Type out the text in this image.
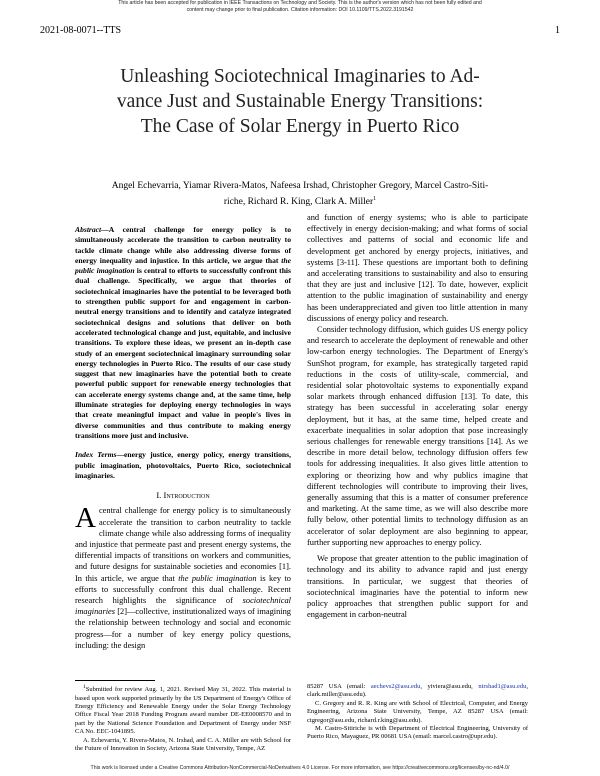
This article has been accepted for publication in IEEE Transactions on Technology and Society. This is the author's version which has not been fully edited and
content may change prior to final publication. Citation information: DOI 10.1109/TTS.2022.3191542
2021-08-0071--TTS	1
Unleashing Sociotechnical Imaginaries to Ad-
vance Just and Sustainable Energy Transitions:
The Case of Solar Energy in Puerto Rico
Angel Echevarria, Yiamar Rivera-Matos, Nafeesa Irshad, Christopher Gregory, Marcel Castro-Siti-
riche, Richard R. King, Clark A. Miller$^1$

Abstract—A central challenge for energy policy is to simultaneously accelerate the transition to carbon neutrality to tackle climate change while also addressing diverse forms of energy inequality and injustice. In this article, we argue that the public imagination is central to efforts to successfully confront this dual challenge. Specifically, we argue that theories of sociotechnical imaginaries have the potential to be leveraged both to strengthen public support for and engagement in carbon-neutral energy transitions and to identify and catalyze integrated sociotechnical designs and solutions that deliver on both accelerated technological change and just, equitable, and inclusive transitions. To explore these ideas, we present an in-depth case study of an emergent sociotechnical imaginary surrounding solar energy technologies in Puerto Rico. The results of our case study suggest that new imaginaries have the potential both to create powerful public support for renewable energy technologies that can accelerate energy systems change and, at the same time, help illuminate strategies for deploying energy technologies in ways that create meaningful impact and value in people's lives in diverse communities and thus contribute to making energy transitions more just and inclusive.

Index Terms—energy justice, energy policy, energy transitions, public imagination, photovoltaics, Puerto Rico, sociotechnical imaginaries.

I. Introduction

A central challenge for energy policy is to simultaneously accelerate the transition to carbon neutrality to tackle climate change while also addressing forms of inequality and injustice that permeate past and present energy systems, the differential impacts of transitions on workers and communities, and future designs for sustainable societies and economies [1]. In this article, we argue that the public imagination is key to efforts to successfully confront this dual challenge. Recent research highlights the significance of sociotechnical imaginaries [2]—collective, institutionalized ways of imagining the relationship between technology and social and economic progress—for a number of key energy policy questions, including: the design

and function of energy systems; who is able to participate effectively in energy decision-making; and what forms of social collectives and patterns of social and economic life and development get anchored by energy projects, initiatives, and systems [3-11]. These questions are important both to defining and accelerating transitions to sustainability and also to ensuring that they are just and inclusive [12]. To date, however, explicit attention to the public imagination of sustainability and energy has been underappreciated and given too little attention in many discussions of energy policy and research.

Consider technology diffusion, which guides US energy policy and research to accelerate the deployment of renewable and other low-carbon energy technologies. The Department of Energy's SunShot program, for example, has strategically targeted rapid reductions in the costs of utility-scale, commercial, and residential solar photovoltaic systems to exponentially expand solar markets through enhanced diffusion [13]. To date, this strategy has been successful in accelerating solar energy deployment, but it has, at the same time, helped create and exacerbate inequalities in solar adoption that pose increasingly serious challenges for renewable energy transitions [14]. As we describe in more detail below, technology diffusion offers few tools for addressing inequalities. It also gives little attention to exploring or theorizing how and why publics imagine that different technologies will contribute to improving their lives, generally assuming that this is a matter of consumer preference and marketing. At the same time, as we will also describe more fully below, other potential limits to technology diffusion as an accelerator of solar deployment are also beginning to appear, further supporting new approaches to energy policy.

We propose that greater attention to the public imagination of technology and its ability to advance rapid and just energy transitions. In particular, we suggest that theories of sociotechnical imaginaries have the potential to inform new policy approaches that strengthen public support for and engagement in carbon-neutral

$^1$Submitted for review Aug. 1, 2021. Revised May 31, 2022. This material is based upon work supported primarily by the US Department of Energy's Office of Energy Efficiency and Renewable Energy under the Solar Energy Technology Office Fiscal Year 2018 Funding Program award number DE-EE0008570 and in part by the National Science Foundation and Department of Energy under NSF CA No. EEC-1041895.

A. Echevarria, Y. Rivera-Matos, N. Irshad, and C. A. Miller are with School for the Future of Innovation in Society, Arizona State University, Tempe, AZ

85287 USA (email: aechevs2@asu.edu, yiviera@asu.edu, nirshad1@asu.edu, clark.miller@asu.edu).

C. Gregory and R. R. King are with School of Electrical, Computer, and Energy Engineering, Arizona State University, Tempe, AZ 85287 USA (email: ctgregor@asu.edu, richard.r.king@asu.edu).

M. Castro-Sitiriche is with Department of Electrical Engineering, University of Puerto Rico, Mayaguez, PR 00681 USA (email: marcel.castro@upr.edu).

This work is licensed under a Creative Commons Attribution-NonCommercial-NoDerivatives 4.0 License. For more information, see https://creativecommons.org/licenses/by-nc-nd/4.0/
